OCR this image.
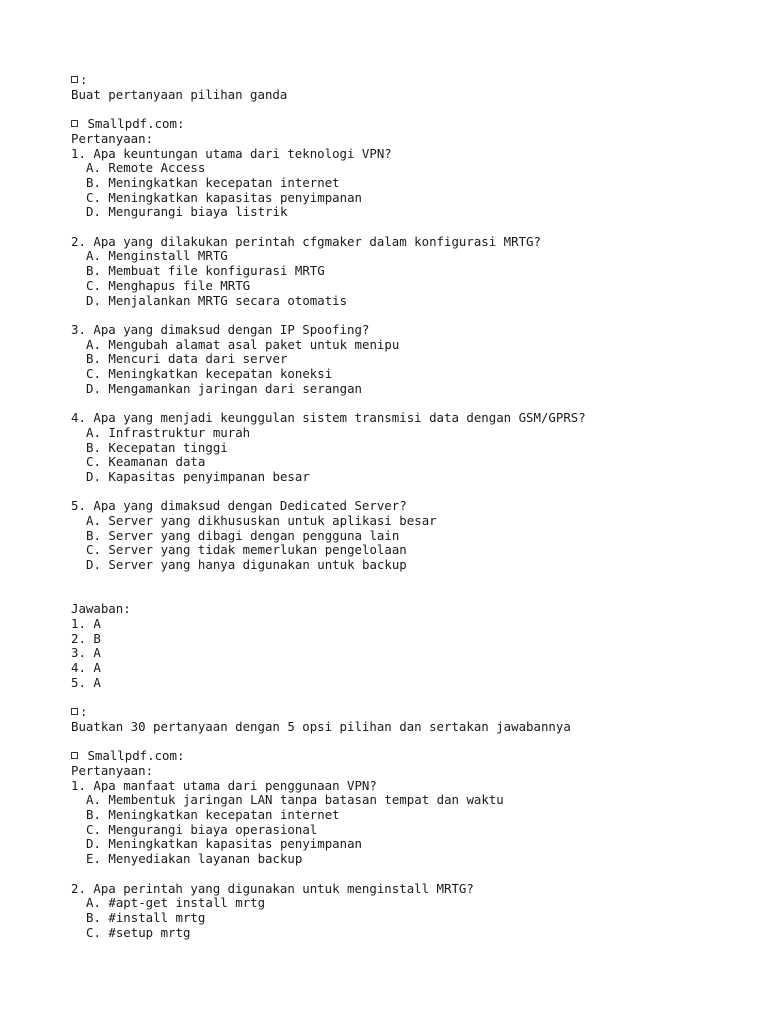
:
Buat pertanyaan pilihan ganda
Smallpdf.com:
Pertanyaan:
1. Apa keuntungan utama dari teknologi VPN?
A. Remote Access
B. Meningkatkan kecepatan internet
C. Meningkatkan kapasitas penyimpanan
D. Mengurangi biaya listrik
2. Apa yang dilakukan perintah cfgmaker dalam konfigurasi MRTG?
A. Menginstall MRTG
B. Membuat file konfigurasi MRTG
C. Menghapus file MRTG
D. Menjalankan MRTG secara otomatis
3. Apa yang dimaksud dengan IP Spoofing?
A. Mengubah alamat asal paket untuk menipu
B. Mencuri data dari server
C. Meningkatkan kecepatan koneksi
D. Mengamankan jaringan dari serangan
4. Apa yang menjadi keunggulan sistem transmisi data dengan GSM/GPRS?
A. Infrastruktur murah
B. Kecepatan tinggi
C. Keamanan data
D. Kapasitas penyimpanan besar
5. Apa yang dimaksud dengan Dedicated Server?
A. Server yang dikhususkan untuk aplikasi besar
B. Server yang dibagi dengan pengguna lain
C. Server yang tidak memerlukan pengelolaan
D. Server yang hanya digunakan untuk backup
Jawaban:
1. A
2. B
3. A
4. A
5. A
:
Buatkan 30 pertanyaan dengan 5 opsi pilihan dan sertakan jawabannya
Smallpdf.com:
Pertanyaan:
1. Apa manfaat utama dari penggunaan VPN?
A. Membentuk jaringan LAN tanpa batasan tempat dan waktu
B. Meningkatkan kecepatan internet
C. Mengurangi biaya operasional
D. Meningkatkan kapasitas penyimpanan
E. Menyediakan layanan backup
2. Apa perintah yang digunakan untuk menginstall MRTG?
A. #apt-get install mrtg
B. #install mrtg
C. #setup mrtg
